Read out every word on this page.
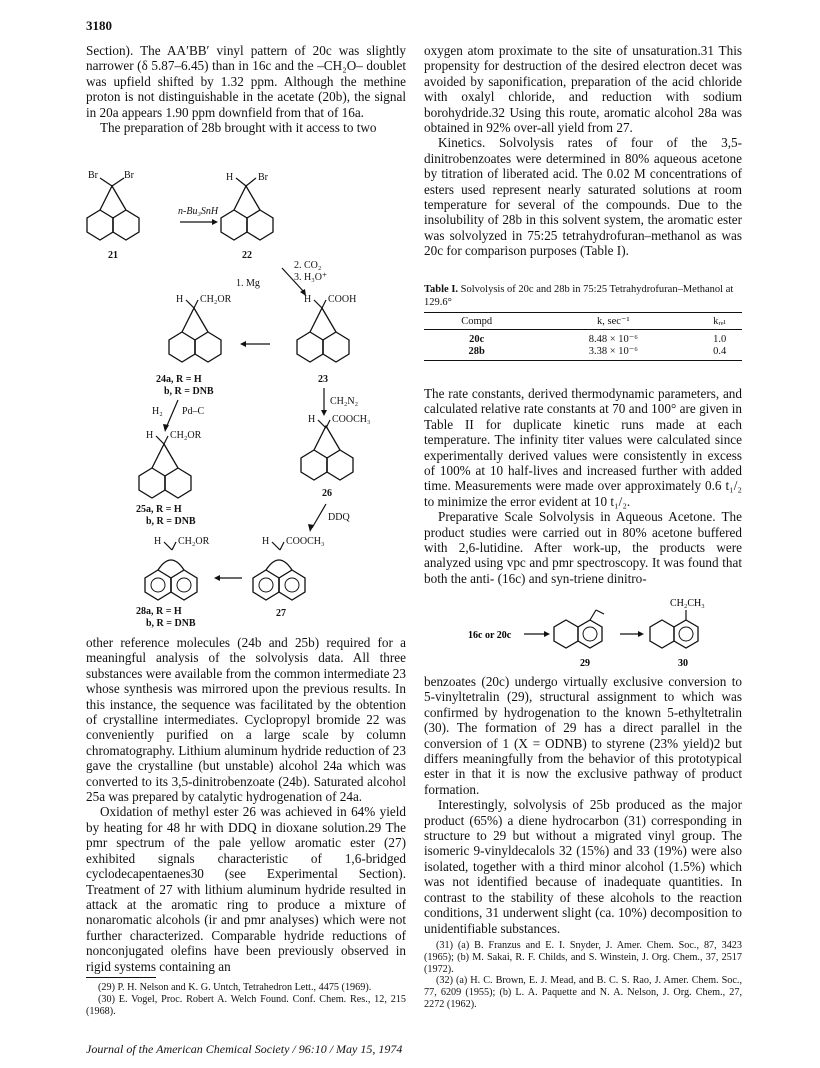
3180

Section). The AA′BB′ vinyl pattern of 20c was slightly narrower (δ 5.87–6.45) than in 16c and the –CH₂O– doublet was upfield shifted by 1.32 ppm. Although the methine proton is not distinguishable in the acetate (20b), the signal in 20a appears 1.90 ppm downfield from that of 16a.

The preparation of 28b brought with it access to two

Br	Br
21
n-Bu₃SnH
H Br
22
1. Mg
2. CO₂
3. H₃O⁺
H CH₂OR
24a, R = H
b, R = DNB
H COOH
23
CH₂N₂
H₂ Pd–C
H CH₂OR
25a, R = H
b, R = DNB
H COOCH₃
26
DDQ
H CH₂OR
28a, R = H
b, R = DNB
H COOCH₃
27

other reference molecules (24b and 25b) required for a meaningful analysis of the solvolysis data. All three substances were available from the common intermediate 23 whose synthesis was mirrored upon the previous results. In this instance, the sequence was facilitated by the obtention of crystalline intermediates. Cyclopropyl bromide 22 was conveniently purified on a large scale by column chromatography. Lithium aluminum hydride reduction of 23 gave the crystalline (but unstable) alcohol 24a which was converted to its 3,5-dinitrobenzoate (24b). Saturated alcohol 25a was prepared by catalytic hydrogenation of 24a.

Oxidation of methyl ester 26 was achieved in 64% yield by heating for 48 hr with DDQ in dioxane solution.29 The pmr spectrum of the pale yellow aromatic ester (27) exhibited signals characteristic of 1,6-bridged cyclodecapentaenes30 (see Experimental Section). Treatment of 27 with lithium aluminum hydride resulted in attack at the aromatic ring to produce a mixture of nonaromatic alcohols (ir and pmr analyses) which were not further characterized. Comparable hydride reductions of nonconjugated olefins have been previously observed in rigid systems containing an

(29) P. H. Nelson and K. G. Untch, Tetrahedron Lett., 4475 (1969).

(30) E. Vogel, Proc. Robert A. Welch Found. Conf. Chem. Res., 12, 215 (1968).

oxygen atom proximate to the site of unsaturation.31 This propensity for destruction of the desired electron decet was avoided by saponification, preparation of the acid chloride with oxalyl chloride, and reduction with sodium borohydride.32 Using this route, aromatic alcohol 28a was obtained in 92% over-all yield from 27.

Kinetics. Solvolysis rates of four of the 3,5-dinitrobenzoates were determined in 80% aqueous acetone by titration of liberated acid. The 0.02 M concentrations of esters used represent nearly saturated solutions at room temperature for several of the compounds. Due to the insolubility of 28b in this solvent system, the aromatic ester was solvolyzed in 75:25 tetrahydrofuran–methanol as was 20c for comparison purposes (Table I).

Table I. Solvolysis of 20c and 28b in 75:25 Tetrahydrofuran–Methanol at 129.6°
Compd	k, sec⁻¹	kᵣₑₗ
20c	8.48 × 10⁻⁶	1.0
28b	3.38 × 10⁻⁶	0.4

The rate constants, derived thermodynamic parameters, and calculated relative rate constants at 70 and 100° are given in Table II for duplicate kinetic runs made at each temperature. The infinity titer values were calculated since experimentally derived values were consistently in excess of 100% at 10 half-lives and increased further with added time. Measurements were made over approximately 0.6 t₁/₂ to minimize the error evident at 10 t₁/₂.

Preparative Scale Solvolysis in Aqueous Acetone. The product studies were carried out in 80% acetone buffered with 2,6-lutidine. After work-up, the products were analyzed using vpc and pmr spectroscopy. It was found that both the anti- (16c) and syn-triene dinitro-

16c or 20c
29
CH₂CH₃
30

benzoates (20c) undergo virtually exclusive conversion to 5-vinyltetralin (29), structural assignment to which was confirmed by hydrogenation to the known 5-ethyltetralin (30). The formation of 29 has a direct parallel in the conversion of 1 (X = ODNB) to styrene (23% yield)2 but differs meaningfully from the behavior of this prototypical ester in that it is now the exclusive pathway of product formation.

Interestingly, solvolysis of 25b produced as the major product (65%) a diene hydrocarbon (31) corresponding in structure to 29 but without a migrated vinyl group. The isomeric 9-vinyldecalols 32 (15%) and 33 (19%) were also isolated, together with a third minor alcohol (1.5%) which was not identified because of inadequate quantities. In contrast to the stability of these alcohols to the reaction conditions, 31 underwent slight (ca. 10%) decomposition to unidentifiable substances.

(31) (a) B. Franzus and E. I. Snyder, J. Amer. Chem. Soc., 87, 3423 (1965); (b) M. Sakai, R. F. Childs, and S. Winstein, J. Org. Chem., 37, 2517 (1972).

(32) (a) H. C. Brown, E. J. Mead, and B. C. S. Rao, J. Amer. Chem. Soc., 77, 6209 (1955); (b) L. A. Paquette and N. A. Nelson, J. Org. Chem., 27, 2272 (1962).

Journal of the American Chemical Society / 96:10 / May 15, 1974
